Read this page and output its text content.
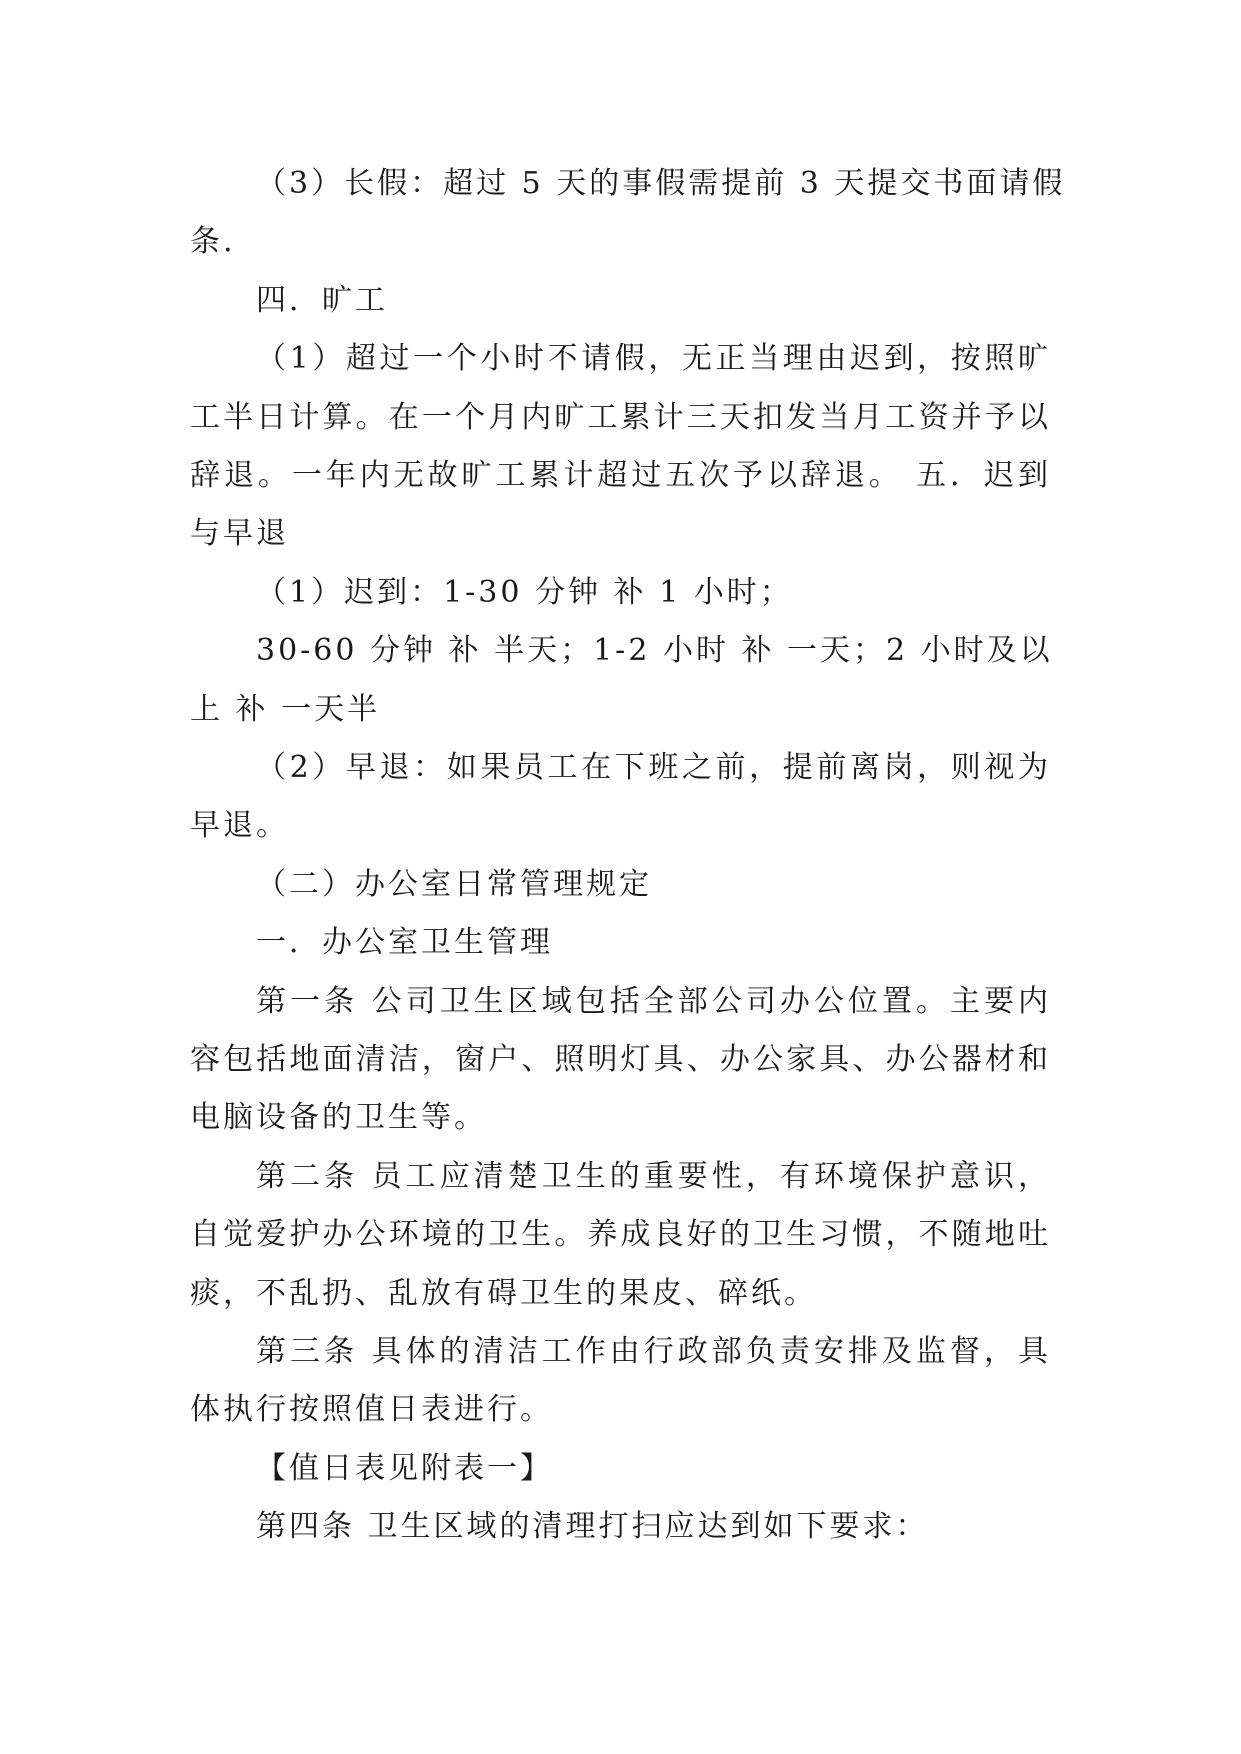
（3）长假：超过 5 天的事假需提前 3 天提交书面请假
条.
四．旷工
（1）超过一个小时不请假，无正当理由迟到，按照旷
工半日计算。在一个月内旷工累计三天扣发当月工资并予以
辞退。一年内无故旷工累计超过五次予以辞退。 五．迟到
与早退
（1）迟到：1-30 分钟 补 1 小时；
30-60 分钟 补 半天；1-2 小时 补 一天；2 小时及以
上 补 一天半
（2）早退：如果员工在下班之前，提前离岗，则视为
早退。
（二）办公室日常管理规定
一．办公室卫生管理
第一条 公司卫生区域包括全部公司办公位置。主要内
容包括地面清洁，窗户、照明灯具、办公家具、办公器材和
电脑设备的卫生等。
第二条 员工应清楚卫生的重要性，有环境保护意识，
自觉爱护办公环境的卫生。养成良好的卫生习惯，不随地吐
痰，不乱扔、乱放有碍卫生的果皮、碎纸。
第三条 具体的清洁工作由行政部负责安排及监督，具
体执行按照值日表进行。
【值日表见附表一】
第四条 卫生区域的清理打扫应达到如下要求：
